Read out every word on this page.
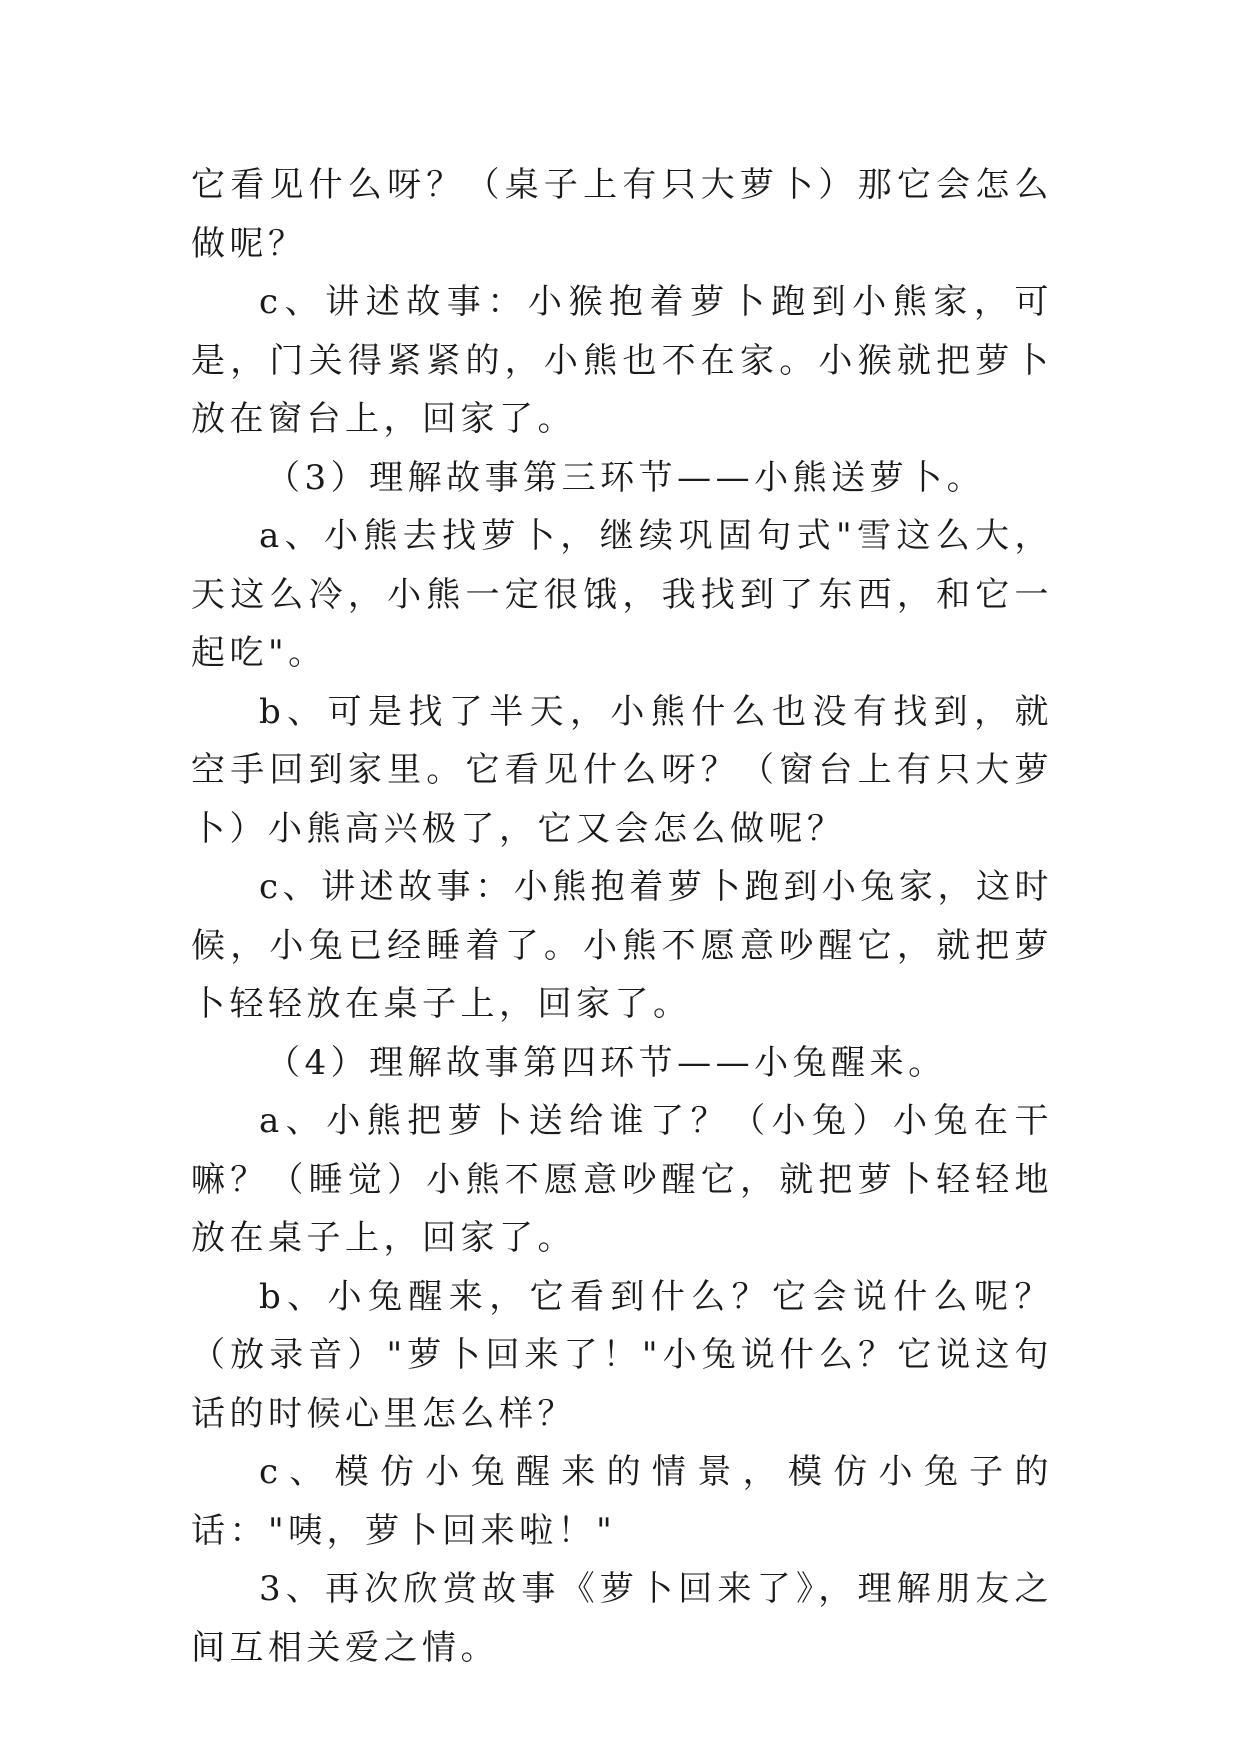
它看见什么呀？（桌子上有只大萝卜）那它会怎么做呢？

c、讲述故事：小猴抱着萝卜跑到小熊家，可是，门关得紧紧的，小熊也不在家。小猴就把萝卜放在窗台上，回家了。

（3）理解故事第三环节——小熊送萝卜。

a、小熊去找萝卜，继续巩固句式"雪这么大，天这么冷，小熊一定很饿，我找到了东西，和它一起吃"。

b、可是找了半天，小熊什么也没有找到，就空手回到家里。它看见什么呀？（窗台上有只大萝卜）小熊高兴极了，它又会怎么做呢？

c、讲述故事：小熊抱着萝卜跑到小兔家，这时候，小兔已经睡着了。小熊不愿意吵醒它，就把萝卜轻轻放在桌子上，回家了。

（4）理解故事第四环节——小兔醒来。

a、小熊把萝卜送给谁了？（小兔）小兔在干嘛？（睡觉）小熊不愿意吵醒它，就把萝卜轻轻地放在桌子上，回家了。

b、小兔醒来，它看到什么？它会说什么呢？（放录音）"萝卜回来了！"小兔说什么？它说这句话的时候心里怎么样？

c、模仿小兔醒来的情景，模仿小兔子的话："咦，萝卜回来啦！"

3、再次欣赏故事《萝卜回来了》，理解朋友之间互相关爱之情。
